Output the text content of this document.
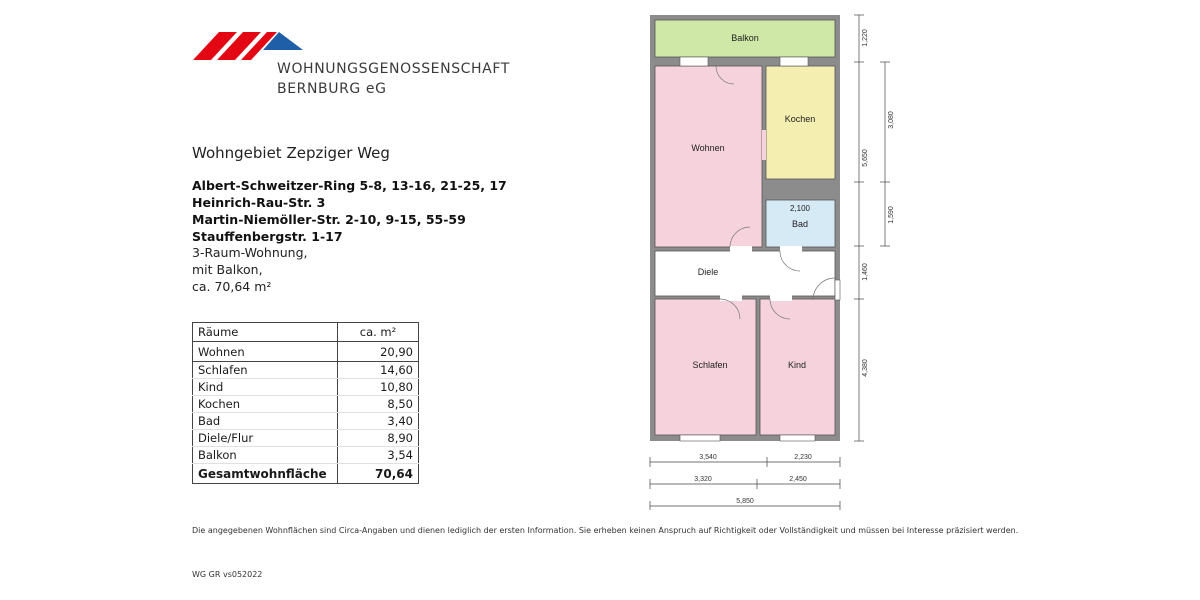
WOHNUNGSGENOSSENSCHAFT
BERNBURG eG
Wohngebiet Zepziger Weg
Albert-Schweitzer-Ring 5-8, 13-16, 21-25, 17
Heinrich-Rau-Str. 3
Martin-Niemöller-Str. 2-10, 9-15, 55-59
Stauffenbergstr. 1-17
3-Raum-Wohnung,
mit Balkon,
ca. 70,64 m²
Räume	ca. m²
Wohnen	20,90
Schlafen	14,60
Kind	10,80
Kochen	8,50
Bad	3,40
Diele/Flur	8,90
Balkon	3,54
Gesamtwohnfläche	70,64
Balkon
Wohnen
Kochen
2,100
Bad
Diele
Schlafen	Kind
1,220
3,080
5,650
1,590
1,460
4,380
3,540	2,230
3,320	2,450
5,850
Die angegebenen Wohnflächen sind Circa-Angaben und dienen lediglich der ersten Information. Sie erheben keinen Anspruch auf Richtigkeit oder Vollständigkeit und müssen bei Interesse präzisiert werden.
WG GR vs052022
